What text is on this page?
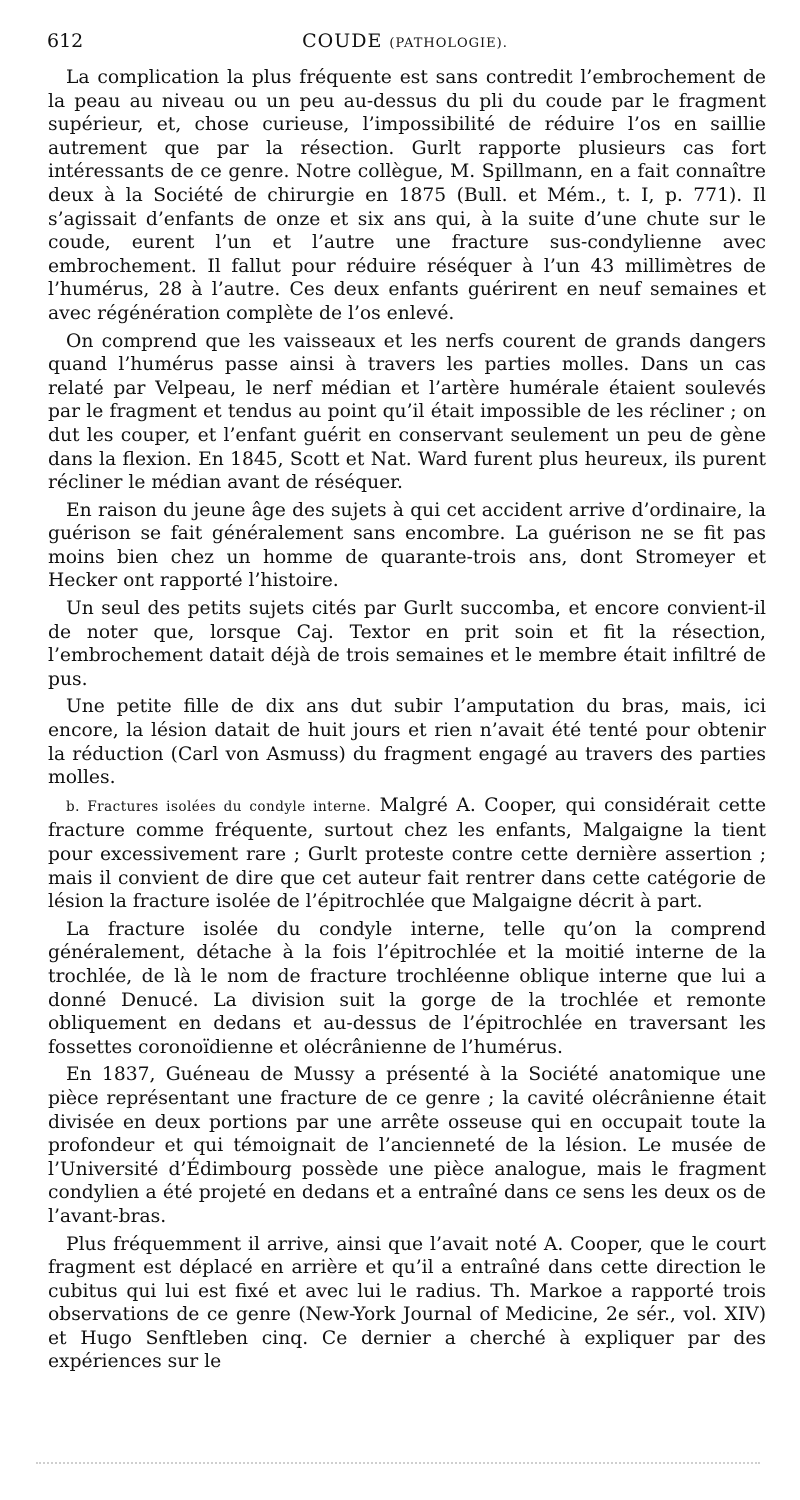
612	COUDE (PATHOLOGIE).

La complication la plus fréquente est sans contredit l’embrochement de la peau au niveau ou un peu au-dessus du pli du coude par le fragment supérieur, et, chose curieuse, l’impossibilité de réduire l’os en saillie autrement que par la résection. Gurlt rapporte plusieurs cas fort intéressants de ce genre. Notre collègue, M. Spillmann, en a fait connaître deux à la Société de chirurgie en 1875 (Bull. et Mém., t. I, p. 771). Il s’agissait d’enfants de onze et six ans qui, à la suite d’une chute sur le coude, eurent l’un et l’autre une fracture sus-condylienne avec embrochement. Il fallut pour réduire réséquer à l’un 43 millimètres de l’humérus, 28 à l’autre. Ces deux enfants guérirent en neuf semaines et avec régénération complète de l’os enlevé.

On comprend que les vaisseaux et les nerfs courent de grands dangers quand l’humérus passe ainsi à travers les parties molles. Dans un cas relaté par Velpeau, le nerf médian et l’artère humérale étaient soulevés par le fragment et tendus au point qu’il était impossible de les récliner ; on dut les couper, et l’enfant guérit en conservant seulement un peu de gène dans la flexion. En 1845, Scott et Nat. Ward furent plus heureux, ils purent récliner le médian avant de réséquer.

En raison du jeune âge des sujets à qui cet accident arrive d’ordinaire, la guérison se fait généralement sans encombre. La guérison ne se fit pas moins bien chez un homme de quarante-trois ans, dont Stromeyer et Hecker ont rapporté l’histoire.

Un seul des petits sujets cités par Gurlt succomba, et encore convient-il de noter que, lorsque Caj. Textor en prit soin et fit la résection, l’embrochement datait déjà de trois semaines et le membre était infiltré de pus.

Une petite fille de dix ans dut subir l’amputation du bras, mais, ici encore, la lésion datait de huit jours et rien n’avait été tenté pour obtenir la réduction (Carl von Asmuss) du fragment engagé au travers des parties molles.

b. Fractures isolées du condyle interne. Malgré A. Cooper, qui considérait cette fracture comme fréquente, surtout chez les enfants, Malgaigne la tient pour excessivement rare ; Gurlt proteste contre cette dernière assertion ; mais il convient de dire que cet auteur fait rentrer dans cette catégorie de lésion la fracture isolée de l’épitrochlée que Malgaigne décrit à part.

La fracture isolée du condyle interne, telle qu’on la comprend généralement, détache à la fois l’épitrochlée et la moitié interne de la trochlée, de là le nom de fracture trochléenne oblique interne que lui a donné Denucé. La division suit la gorge de la trochlée et remonte obliquement en dedans et au-dessus de l’épitrochlée en traversant les fossettes coronoïdienne et olécrânienne de l’humérus.

En 1837, Guéneau de Mussy a présenté à la Société anatomique une pièce représentant une fracture de ce genre ; la cavité olécrânienne était divisée en deux portions par une arrête osseuse qui en occupait toute la profondeur et qui témoignait de l’ancienneté de la lésion. Le musée de l’Université d’Édimbourg possède une pièce analogue, mais le fragment condylien a été projeté en dedans et a entraîné dans ce sens les deux os de l’avant-bras.

Plus fréquemment il arrive, ainsi que l’avait noté A. Cooper, que le court fragment est déplacé en arrière et qu’il a entraîné dans cette direction le cubitus qui lui est fixé et avec lui le radius. Th. Markoe a rapporté trois observations de ce genre (New-York Journal of Medicine, 2e sér., vol. XIV) et Hugo Senftleben cinq. Ce dernier a cherché à expliquer par des expériences sur le
